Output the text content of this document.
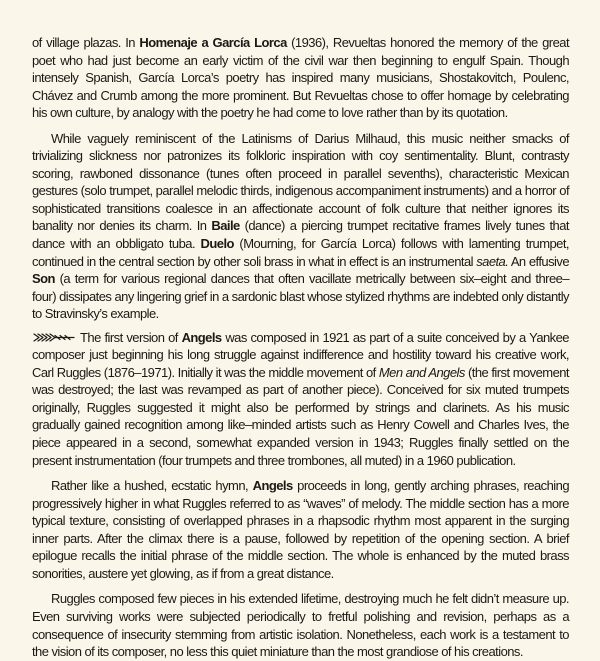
of village plazas. In Homenaje a García Lorca (1936), Revueltas honored the memory of the great poet who had just become an early victim of the civil war then beginning to engulf Spain. Though intensely Spanish, García Lorca’s poetry has inspired many musicians, Shostakovitch, Poulenc, Chávez and Crumb among the more prominent. But Revueltas chose to offer homage by celebrating his own culture, by analogy with the poetry he had come to love rather than by its quotation.

While vaguely reminiscent of the Latinisms of Darius Milhaud, this music neither smacks of trivializing slickness nor patronizes its folkloric inspiration with coy sentimentality. Blunt, contrasty scoring, rawboned dissonance (tunes often proceed in parallel sevenths), characteristic Mexican gestures (solo trumpet, parallel melodic thirds, indigenous accompaniment instruments) and a horror of sophisticated transitions coalesce in an affectionate account of folk culture that neither ignores its banality nor denies its charm. In Baile (dance) a piercing trumpet recitative frames lively tunes that dance with an obbligato tuba. Duelo (Mourning, for García Lorca) follows with lamenting trumpet, continued in the central section by other soli brass in what in effect is an instrumental saeta. An effusive Son (a term for various regional dances that often vacillate metrically between six–eight and three–four) dissipates any lingering grief in a sardonic blast whose stylized rhythms are indebted only distantly to Stravinsky’s example.

The first version of Angels was composed in 1921 as part of a suite conceived by a Yankee composer just beginning his long struggle against indifference and hostility toward his creative work, Carl Ruggles (1876–1971). Initially it was the middle movement of Men and Angels (the first movement was destroyed; the last was revamped as part of another piece). Conceived for six muted trumpets originally, Ruggles suggested it might also be performed by strings and clarinets. As his music gradually gained recognition among like–minded artists such as Henry Cowell and Charles Ives, the piece appeared in a second, somewhat expanded version in 1943; Ruggles finally settled on the present instrumentation (four trumpets and three trombones, all muted) in a 1960 publication.

Rather like a hushed, ecstatic hymn, Angels proceeds in long, gently arching phrases, reaching progressively higher in what Ruggles referred to as “waves” of melody. The middle section has a more typical texture, consisting of overlapped phrases in a rhapsodic rhythm most apparent in the surging inner parts. After the climax there is a pause, followed by repetition of the opening section. A brief epilogue recalls the initial phrase of the middle section. The whole is enhanced by the muted brass sonorities, austere yet glowing, as if from a great distance.

Ruggles composed few pieces in his extended lifetime, destroying much he felt didn’t measure up. Even surviving works were subjected periodically to fretful polishing and revision, perhaps as a consequence of insecurity stemming from artistic isolation. Nonetheless, each work is a testament to the vision of its composer, no less this quiet miniature than the most grandiose of his creations.
